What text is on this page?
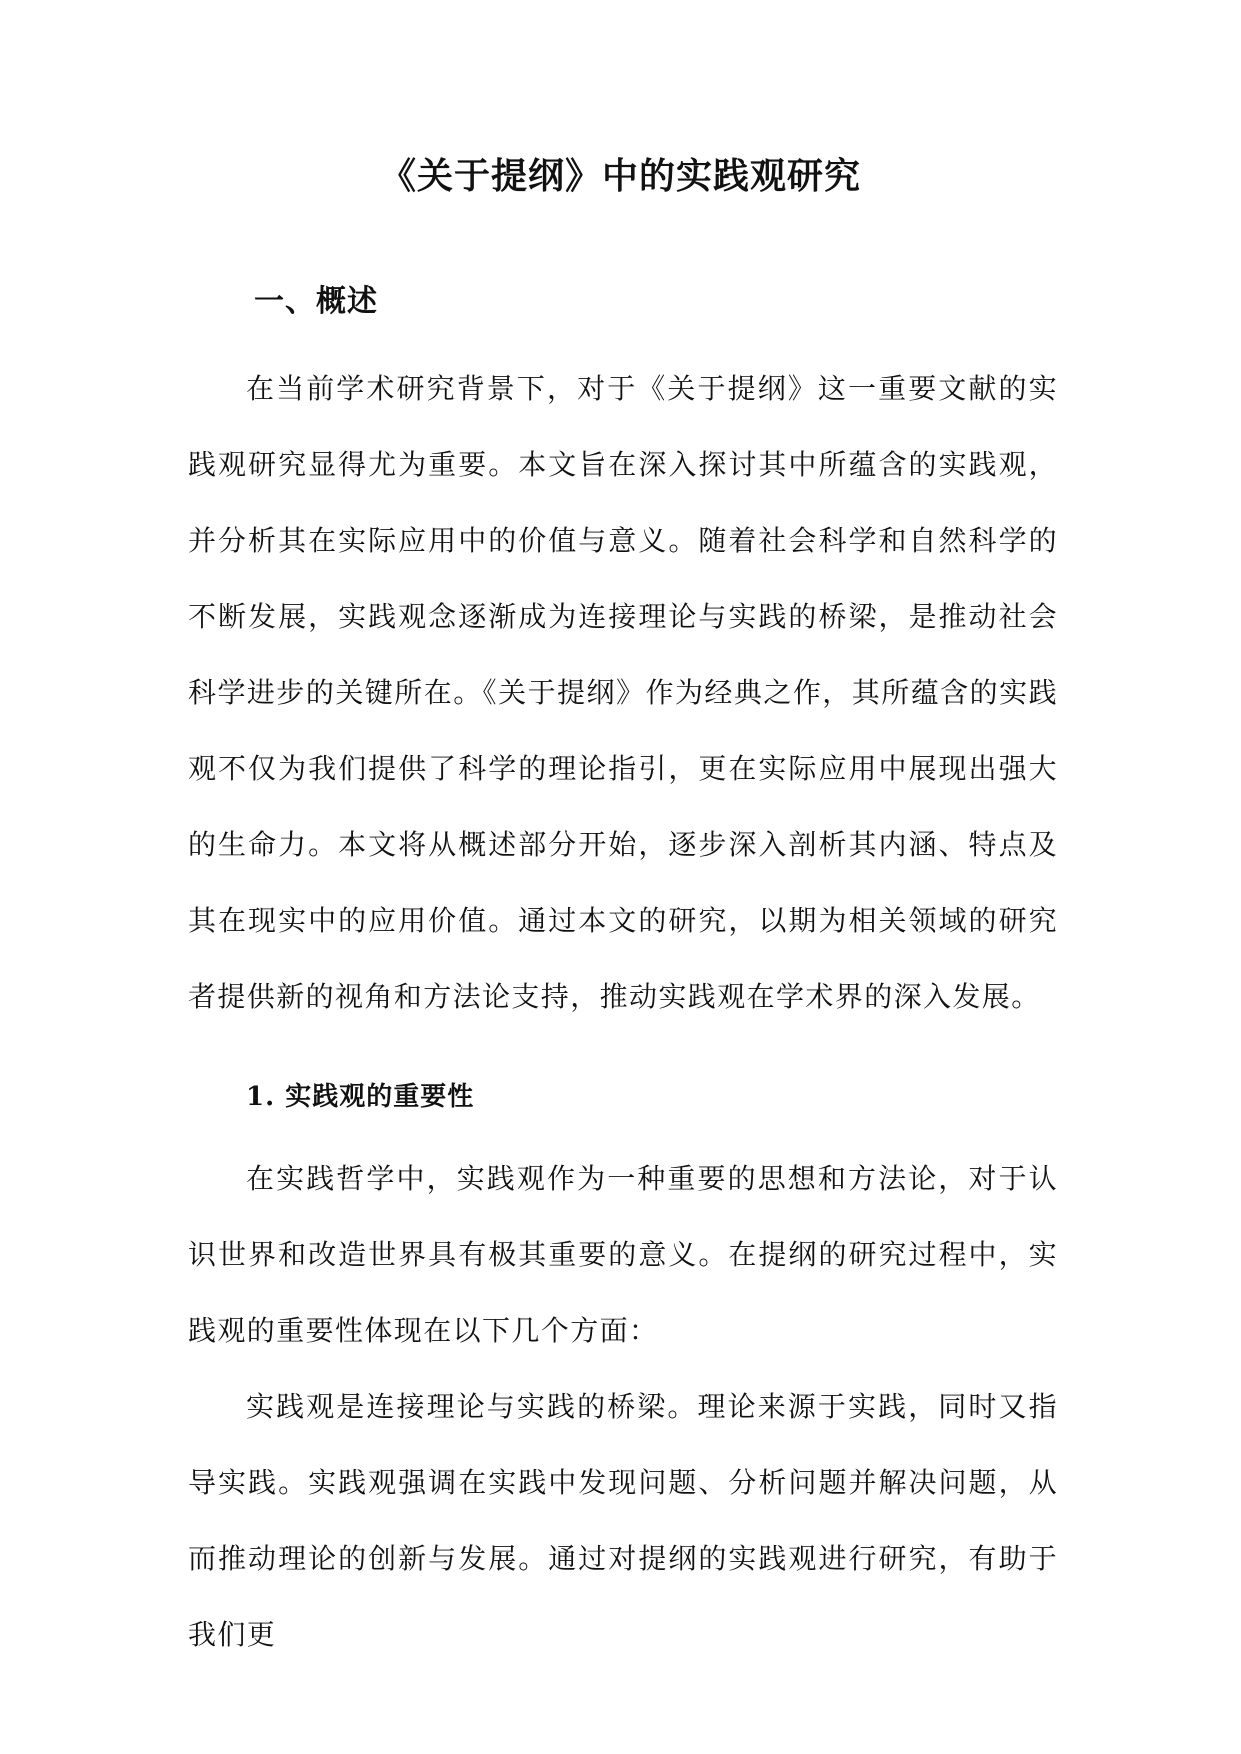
《关于提纲》中的实践观研究
一、概述

在当前学术研究背景下，对于《关于提纲》这一重要文献的实践观研究显得尤为重要。本文旨在深入探讨其中所蕴含的实践观，并分析其在实际应用中的价值与意义。随着社会科学和自然科学的不断发展，实践观念逐渐成为连接理论与实践的桥梁，是推动社会科学进步的关键所在。《关于提纲》作为经典之作，其所蕴含的实践观不仅为我们提供了科学的理论指引，更在实际应用中展现出强大的生命力。本文将从概述部分开始，逐步深入剖析其内涵、特点及其在现实中的应用价值。通过本文的研究，以期为相关领域的研究者提供新的视角和方法论支持，推动实践观在学术界的深入发展。

1. 实践观的重要性

在实践哲学中，实践观作为一种重要的思想和方法论，对于认识世界和改造世界具有极其重要的意义。在提纲的研究过程中，实践观的重要性体现在以下几个方面：

实践观是连接理论与实践的桥梁。理论来源于实践，同时又指导实践。实践观强调在实践中发现问题、分析问题并解决问题，从而推动理论的创新与发展。通过对提纲的实践观进行研究，有助于我们更
